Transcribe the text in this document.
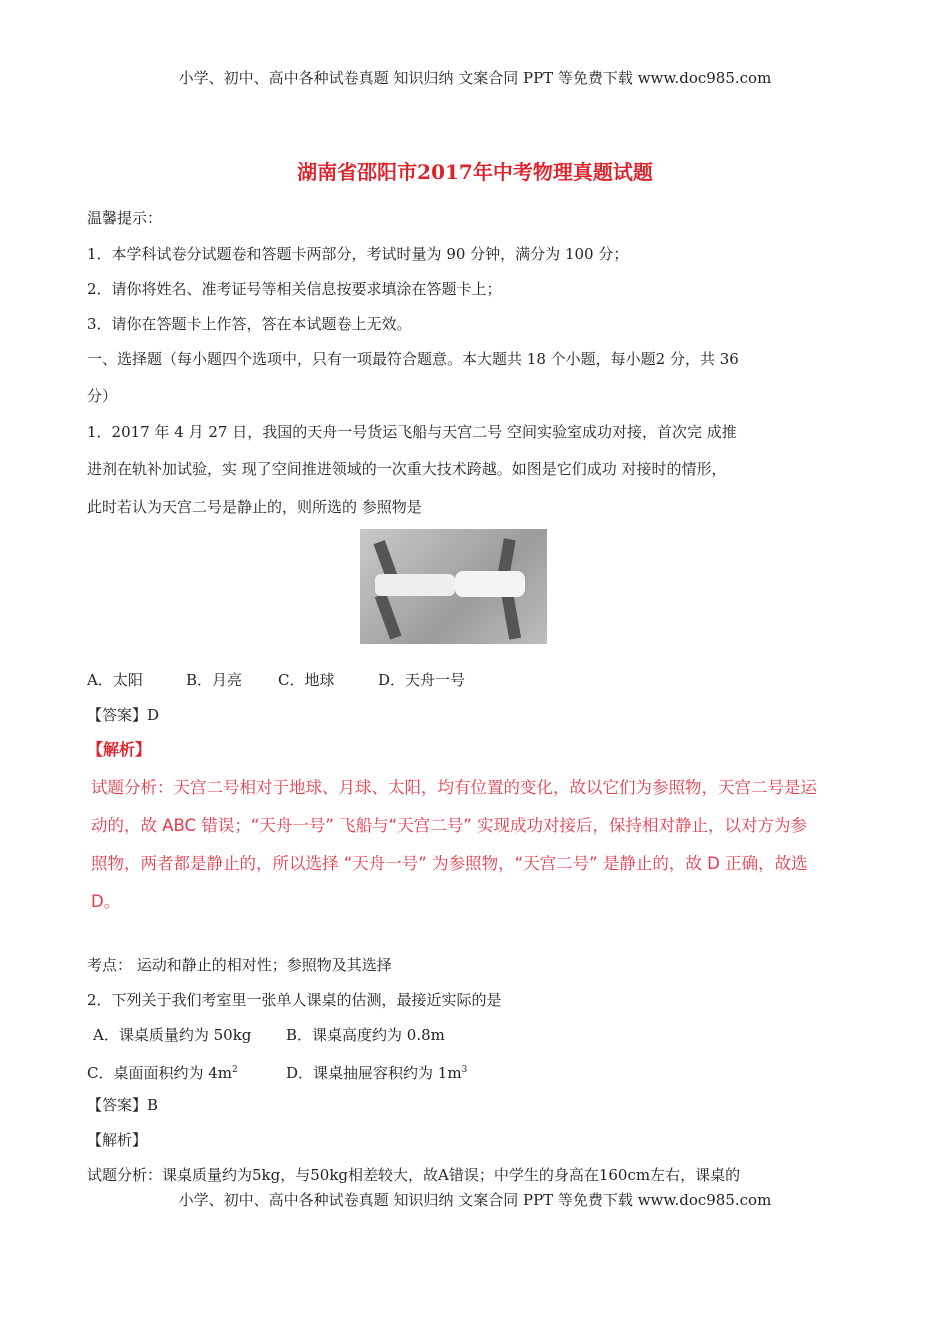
小学、初中、高中各种试卷真题 知识归纳 文案合同 PPT 等免费下载 www.doc985.com
湖南省邵阳市2017年中考物理真题试题
温馨提示：
1．本学科试卷分试题卷和答题卡两部分，考试时量为 90 分钟，满分为 100 分；
2．请你将姓名、准考证号等相关信息按要求填涂在答题卡上；
3．请你在答题卡上作答，答在本试题卷上无效。
一、选择题（每小题四个选项中，只有一项最符合题意。本大题共 18 个小题，每小题2 分，共 36
分）
1．2017 年 4 月 27 日，我国的天舟一号货运飞船与天宫二号 空间实验室成功对接，首次完 成推
进剂在轨补加试验，实 现了空间推进领域的一次重大技术跨越。如图是它们成功 对接时的情形，
此时若认为天宫二号是静止的，则所选的 参照物是
A．太阳	B．月亮 C．地球	D．天舟一号
【答案】D
【解析】
试题分析：天宫二号相对于地球、月球、太阳，均有位置的变化，故以它们为参照物，天宫二号是运
动的，故 ABC 错误；“天舟一号” 飞船与“天宫二号” 实现成功对接后，保持相对静止，以对方为参
照物，两者都是静止的，所以选择 “天舟一号” 为参照物，“天宫二号” 是静止的，故 D 正确，故选
D。
考点： 运动和静止的相对性；参照物及其选择
2．下列关于我们考室里一张单人课桌的估测，最接近实际的是
A．课桌质量约为 50kg B．课桌高度约为 0.8m
C．桌面面积约为 $4m^2$	D．课桌抽屉容积约为 $1m^3$
【答案】B
【解析】
试题分析：课桌质量约为5kg，与50kg相差较大，故A错误；中学生的身高在160cm左右，课桌的
小学、初中、高中各种试卷真题 知识归纳 文案合同 PPT 等免费下载 www.doc985.com
